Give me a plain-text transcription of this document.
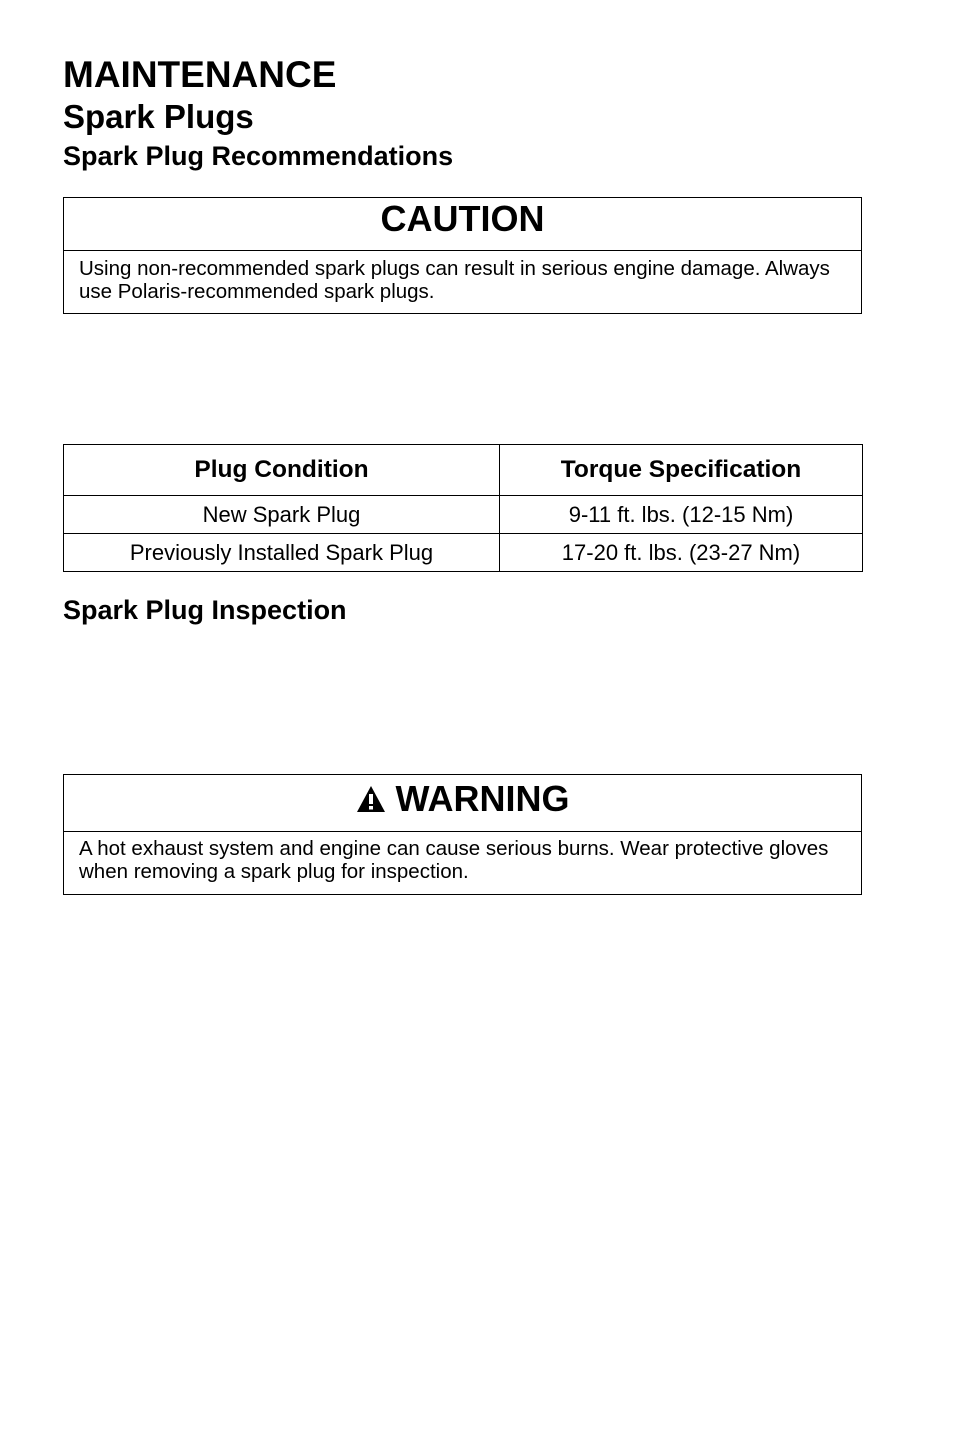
MAINTENANCE
Spark Plugs
Spark Plug Recommendations
CAUTION
Using non-recommended spark plugs can result in serious engine damage. Always use Polaris-recommended spark plugs.
Plug Condition	Torque Specification
New Spark Plug	9-11 ft. lbs. (12-15 Nm)
Previously Installed Spark Plug	17-20 ft. lbs. (23-27 Nm)
Spark Plug Inspection
WARNING
A hot exhaust system and engine can cause serious burns. Wear protective gloves when removing a spark plug for inspection.
